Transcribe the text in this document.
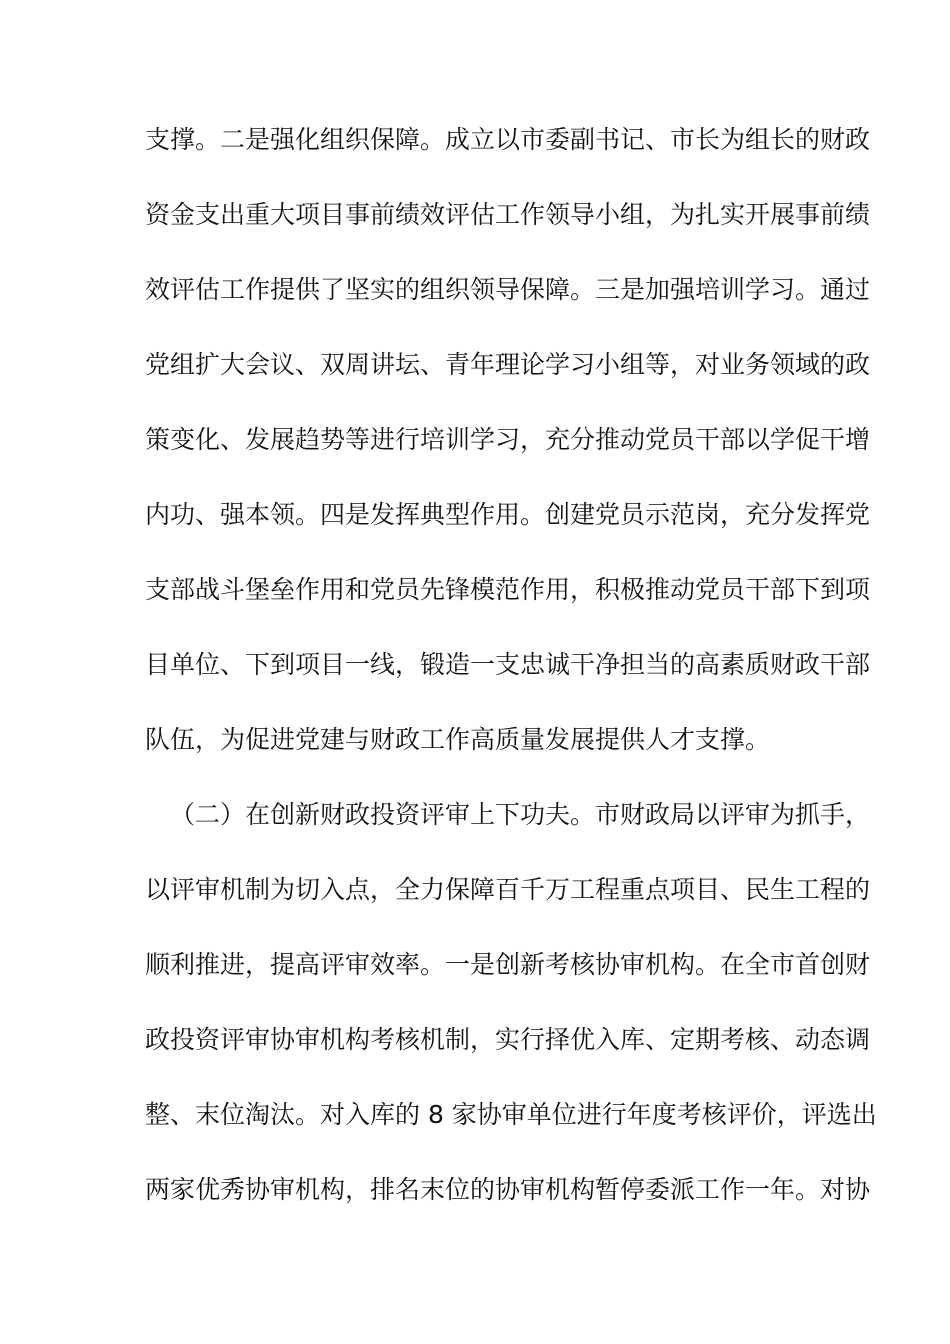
支撑。二是强化组织保障。成立以市委副书记、市长为组长的财政
资金支出重大项目事前绩效评估工作领导小组，为扎实开展事前绩
效评估工作提供了坚实的组织领导保障。三是加强培训学习。通过
党组扩大会议、双周讲坛、青年理论学习小组等，对业务领域的政
策变化、发展趋势等进行培训学习，充分推动党员干部以学促干增
内功、强本领。四是发挥典型作用。创建党员示范岗，充分发挥党
支部战斗堡垒作用和党员先锋模范作用，积极推动党员干部下到项
目单位、下到项目一线，锻造一支忠诚干净担当的高素质财政干部
队伍，为促进党建与财政工作高质量发展提供人才支撑。
（二）在创新财政投资评审上下功夫。市财政局以评审为抓手，
以评审机制为切入点，全力保障百千万工程重点项目、民生工程的
顺利推进，提高评审效率。一是创新考核协审机构。在全市首创财
政投资评审协审机构考核机制，实行择优入库、定期考核、动态调
整、末位淘汰。对入库的 8 家协审单位进行年度考核评价，评选出
两家优秀协审机构，排名末位的协审机构暂停委派工作一年。对协
